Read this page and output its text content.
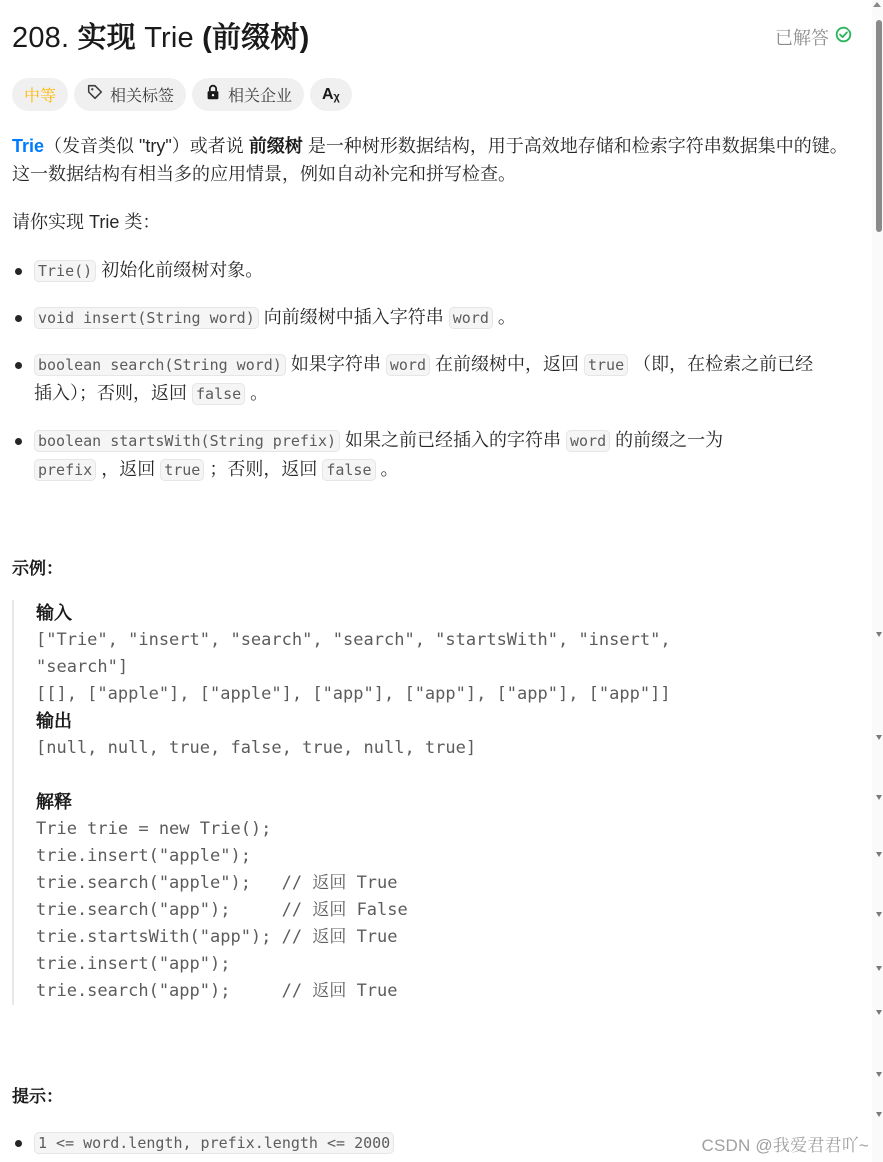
208. 实现 Trie (前缀树)	已解答
中等	相关标签	相关企业 Aᵪ

Trie（发音类似 "try"）或者说 前缀树 是一种树形数据结构，用于高效地存储和检索字符串数据集中的键。这一数据结构有相当多的应用情景，例如自动补完和拼写检查。

请你实现 Trie 类：

Trie() 初始化前缀树对象。
void insert(String word) 向前缀树中插入字符串 word 。
boolean search(String word) 如果字符串 word 在前缀树中，返回 true （即，在检索之前已经插入）；否则，返回 false 。
boolean startsWith(String prefix) 如果之前已经插入的字符串 word 的前缀之一为 prefix ，返回 true ；否则，返回 false 。
示例：
输入
["Trie", "insert", "search", "search", "startsWith", "insert",
"search"]
[[], ["apple"], ["apple"], ["app"], ["app"], ["app"], ["app"]]
输出
[null, null, true, false, true, null, true]
解释
Trie trie = new Trie();
trie.insert("apple");
trie.search("apple");   // 返回 True
trie.search("app");     // 返回 False
trie.startsWith("app"); // 返回 True
trie.insert("app");
trie.search("app");     // 返回 True
提示：
1 <= word.length, prefix.length <= 2000	CSDN @我爱君君吖~
